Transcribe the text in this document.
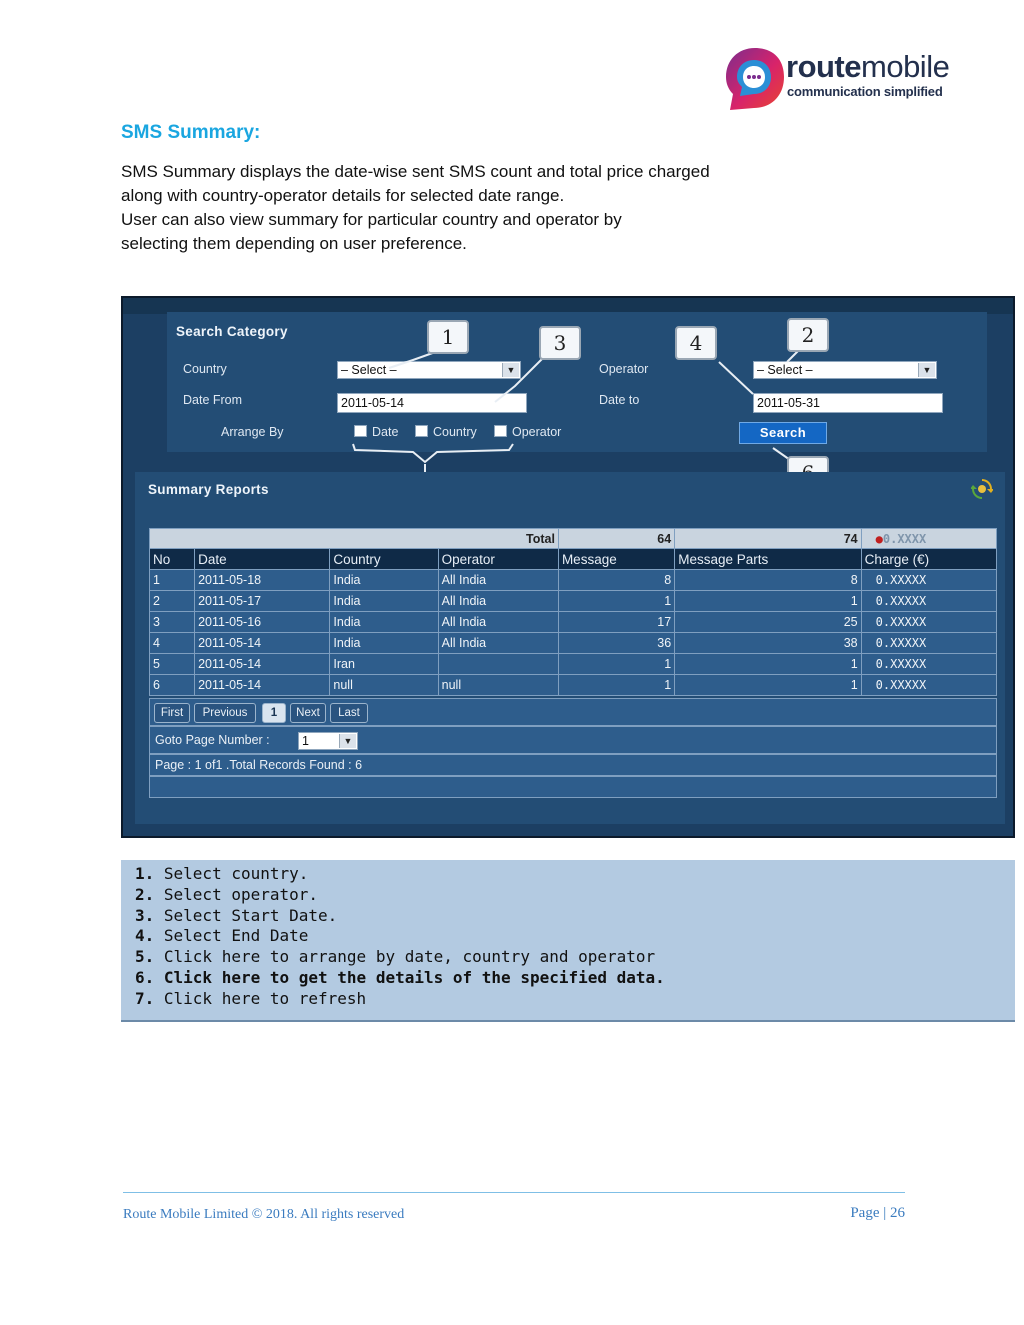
routemobile
communication simplified
SMS Summary:

SMS Summary displays the date-wise sent SMS count and total price charged

along with country-operator details for selected date range.

User can also view summary for particular country and operator by

selecting them depending on user preference.

Search Category
Country	– Select –	▼	Operator	– Select –	▼
Date From	2011-05-14	Date to	2011-05-31
Arrange By	Date	Country	Operator	Search
1	2
3	4
Summary Reports
Total				64	74	●0.XXXX
No	Date	Country	Operator	Message	Message Parts	Charge (€)
1	2011-05-18	India	All India	8	8	0.XXXXX
2	2011-05-17	India	All India	1	1	0.XXXXX
3	2011-05-16	India	All India	17	25	0.XXXXX
4	2011-05-14	India	All India	36	38	0.XXXXX
5	2011-05-14	Iran		1	1	0.XXXXX
6	2011-05-14	null	null	1	1	0.XXXXX
First	Previous	1	Next	Last
Goto Page Number :	1	▼
Page : 1 of1 .Total Records Found : 6
1. Select country.
2. Select operator.
3. Select Start Date.
4. Select End Date
5. Click here to arrange by date, country and operator
6. Click here to get the details of the specified data.
7. Click here to refresh
Route Mobile Limited © 2018. All rights reserved	Page | 26
